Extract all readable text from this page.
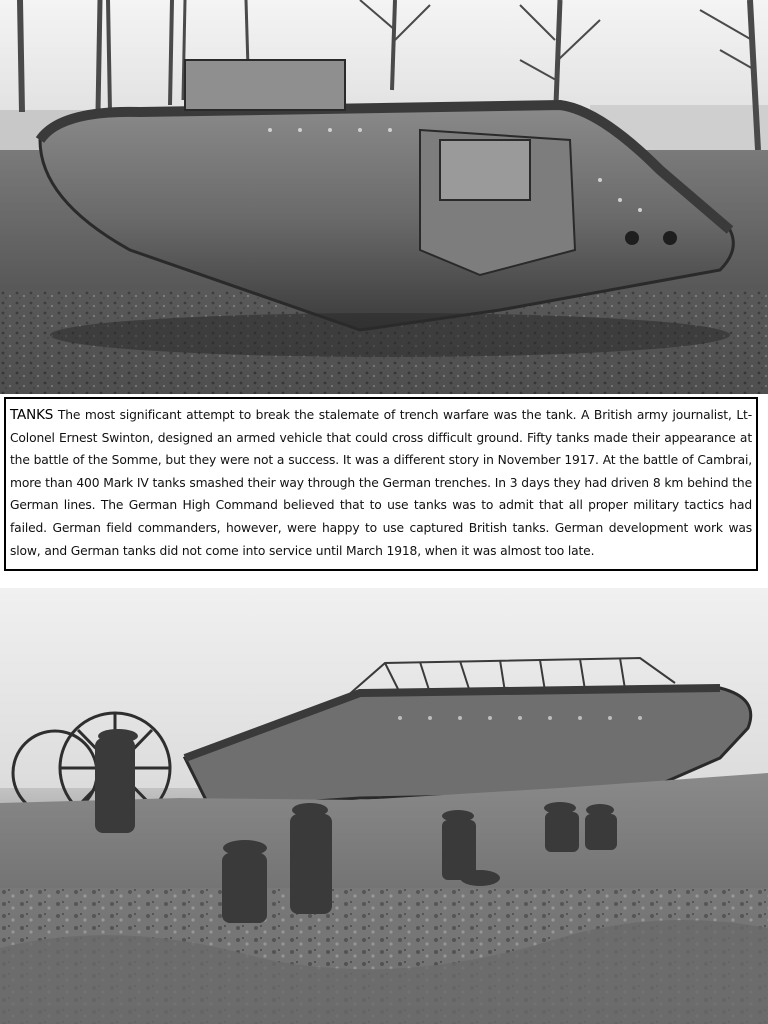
TANKS The most significant attempt to break the stalemate of trench warfare was the tank. A British army journalist, Lt-Colonel Ernest Swinton, designed an armed vehicle that could cross difficult ground. Fifty tanks made their appearance at the battle of the Somme, but they were not a success. It was a different story in November 1917. At the battle of Cambrai, more than 400 Mark IV tanks smashed their way through the German trenches. In 3 days they had driven 8 km behind the German lines. The German High Command believed that to use tanks was to admit that all proper military tactics had failed. German field commanders, however, were happy to use captured British tanks. German development work was slow, and German tanks did not come into service until March 1918, when it was almost too late.
